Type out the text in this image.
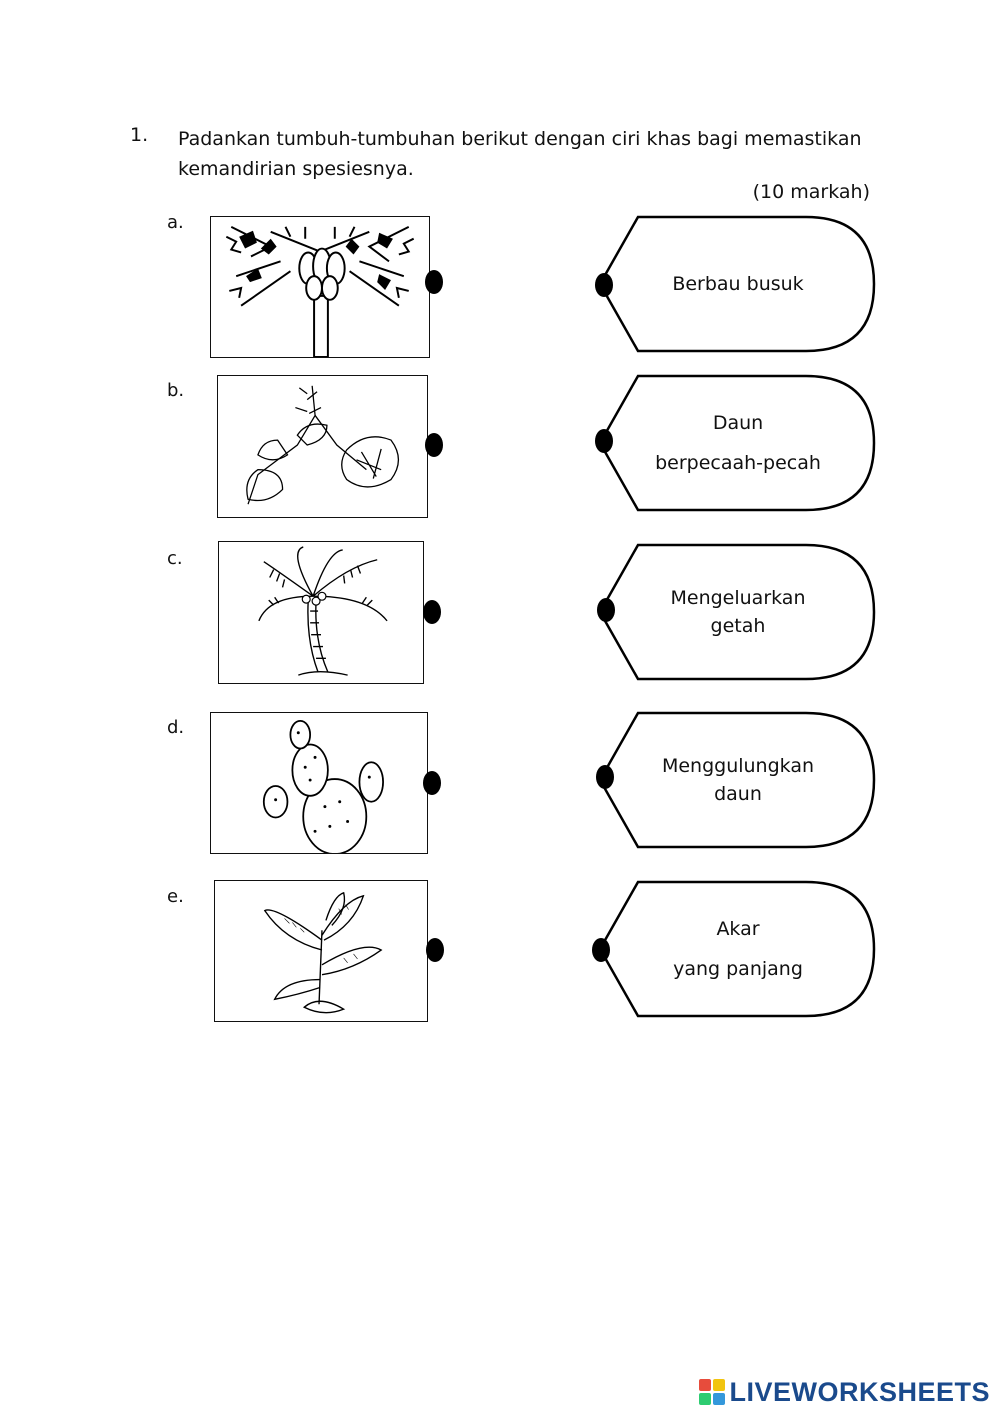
1. Padankan tumbuh-tumbuhan berikut dengan ciri khas bagi memastikan
kemandirian spesiesnya.
(10 markah)
a.
b.
c.
d.
e.
Berbau busuk
Daun
berpecaah-pecah
Mengeluarkan
getah
Menggulungkan
daun
Akar
yang panjang
LIVEWORKSHEETS
